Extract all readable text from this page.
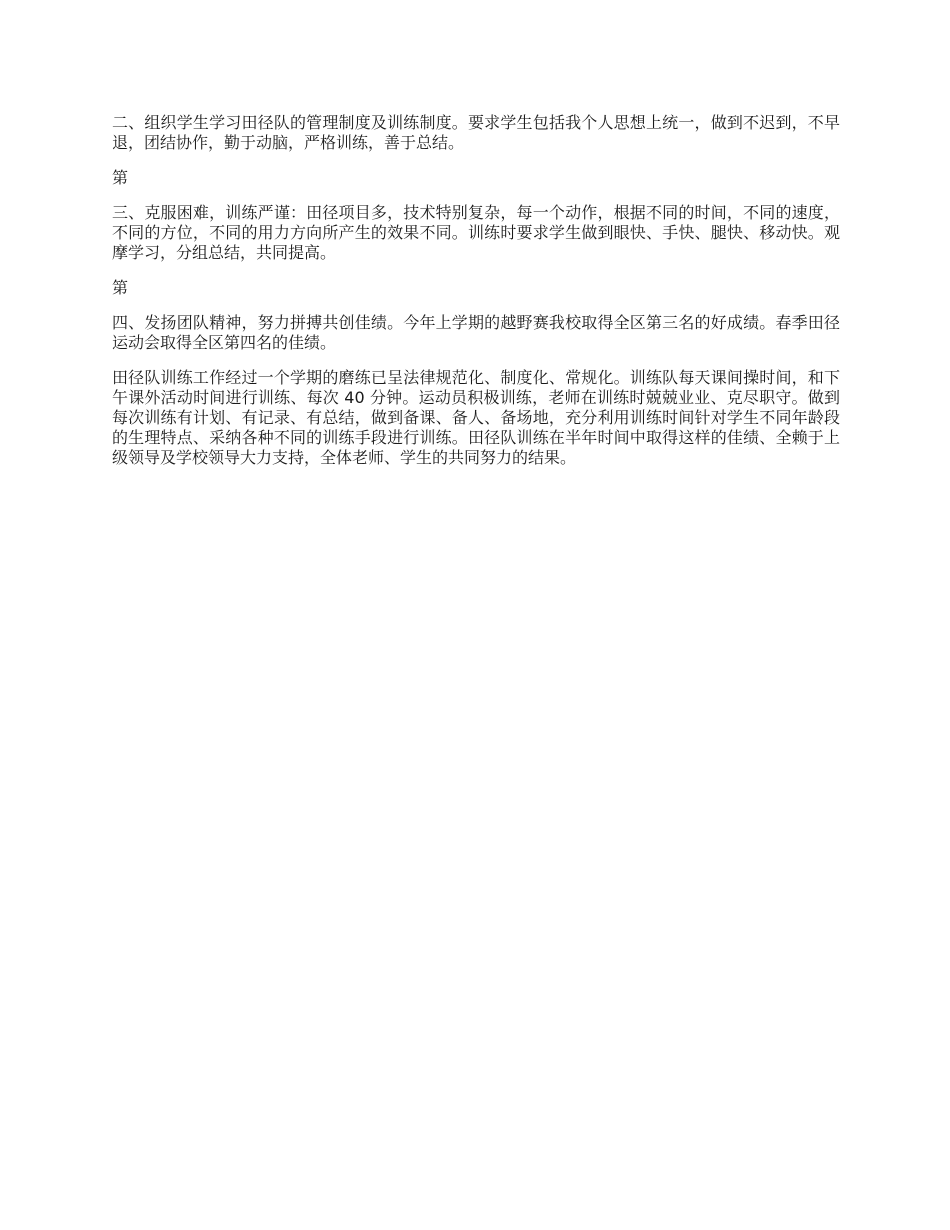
二、组织学生学习田径队的管理制度及训练制度。要求学生包括我个人思想上统一，做到不迟到，不早退，团结协作，勤于动脑，严格训练，善于总结。

第

三、克服困难，训练严谨：田径项目多，技术特别复杂，每一个动作，根据不同的时间，不同的速度，不同的方位，不同的用力方向所产生的效果不同。训练时要求学生做到眼快、手快、腿快、移动快。观摩学习，分组总结，共同提高。

第

四、发扬团队精神，努力拼搏共创佳绩。今年上学期的越野赛我校取得全区第三名的好成绩。春季田径运动会取得全区第四名的佳绩。

田径队训练工作经过一个学期的磨练已呈法律规范化、制度化、常规化。训练队每天课间操时间，和下午课外活动时间进行训练、每次 40 分钟。运动员积极训练，老师在训练时兢兢业业、克尽职守。做到每次训练有计划、有记录、有总结，做到备课、备人、备场地，充分利用训练时间针对学生不同年龄段的生理特点、采纳各种不同的训练手段进行训练。田径队训练在半年时间中取得这样的佳绩、全赖于上级领导及学校领导大力支持，全体老师、学生的共同努力的结果。
